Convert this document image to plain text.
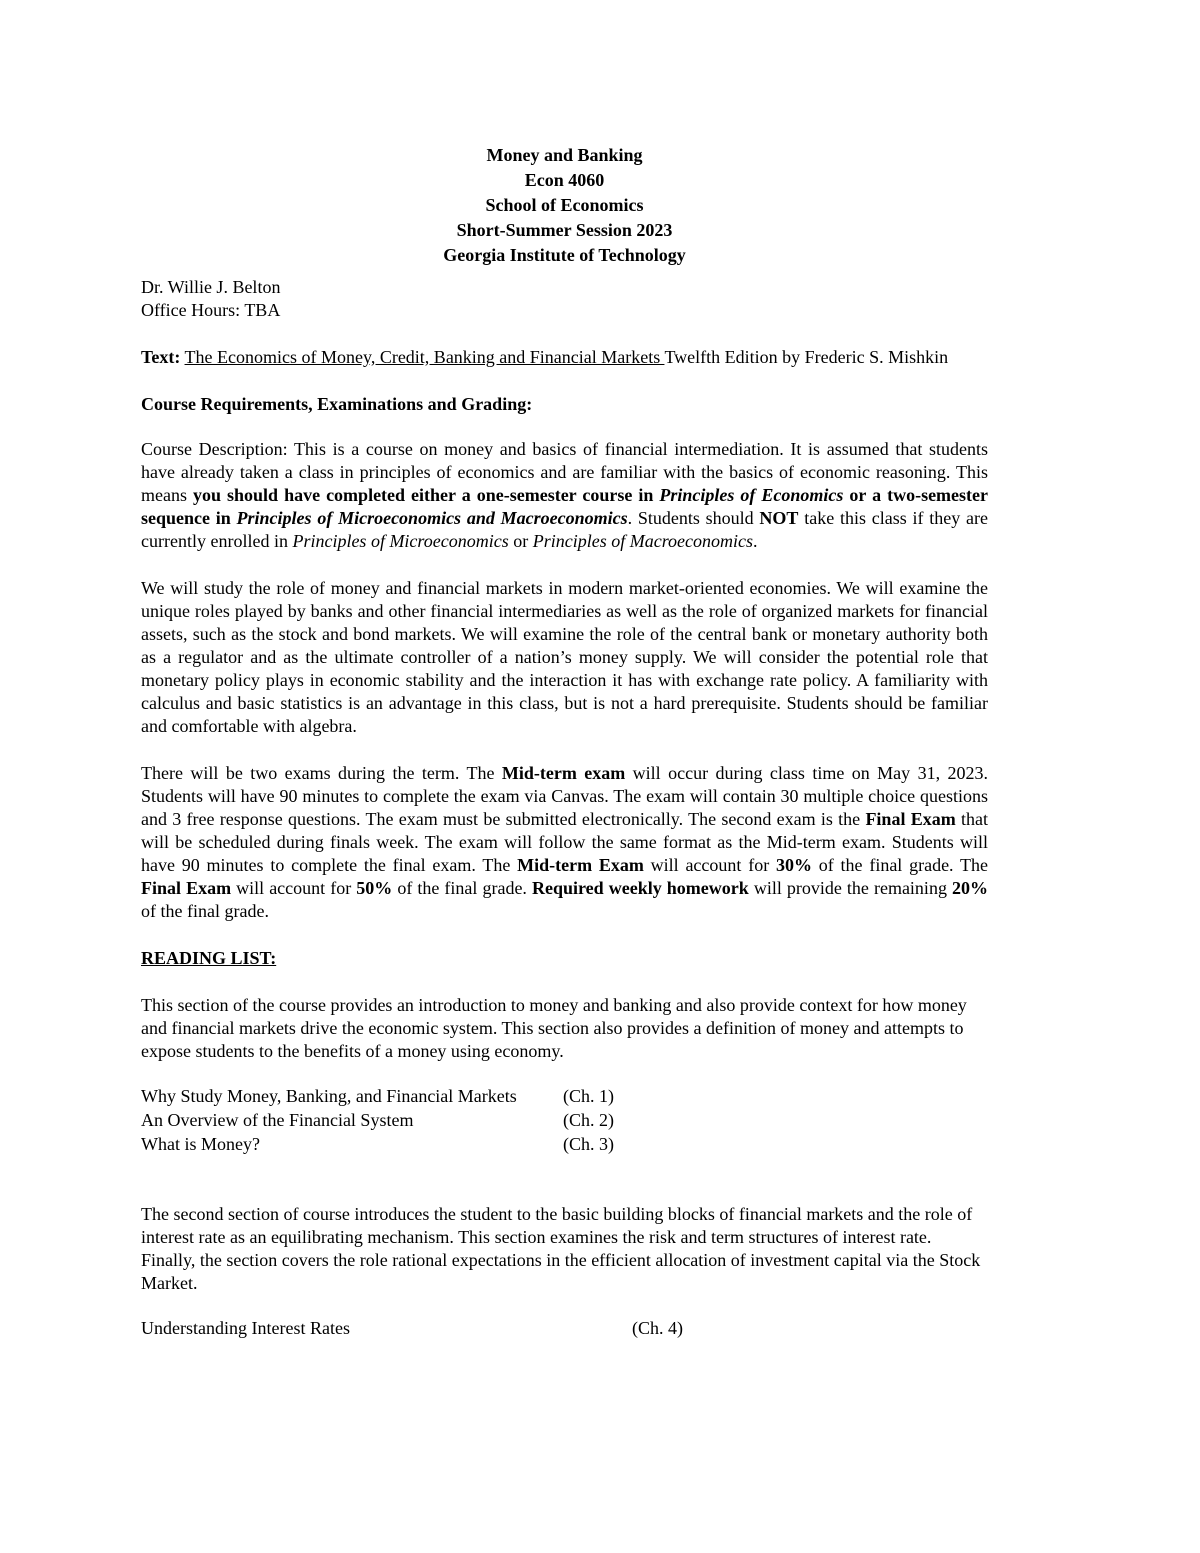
Money and Banking
Econ 4060
School of Economics
Short-Summer Session 2023
Georgia Institute of Technology

Dr. Willie J. Belton

Office Hours: TBA

Text: The Economics of Money, Credit, Banking and Financial Markets Twelfth Edition by Frederic S. Mishkin

Course Requirements, Examinations and Grading:

Course Description: This is a course on money and basics of financial intermediation. It is assumed that students have already taken a class in principles of economics and are familiar with the basics of economic reasoning. This means you should have completed either a one-semester course in Principles of Economics or a two-semester sequence in Principles of Microeconomics and Macroeconomics. Students should NOT take this class if they are currently enrolled in Principles of Microeconomics or Principles of Macroeconomics.

We will study the role of money and financial markets in modern market-oriented economies. We will examine the unique roles played by banks and other financial intermediaries as well as the role of organized markets for financial assets, such as the stock and bond markets. We will examine the role of the central bank or monetary authority both as a regulator and as the ultimate controller of a nation’s money supply. We will consider the potential role that monetary policy plays in economic stability and the interaction it has with exchange rate policy. A familiarity with calculus and basic statistics is an advantage in this class, but is not a hard prerequisite. Students should be familiar and comfortable with algebra.

There will be two exams during the term. The Mid-term exam will occur during class time on May 31, 2023. Students will have 90 minutes to complete the exam via Canvas. The exam will contain 30 multiple choice questions and 3 free response questions. The exam must be submitted electronically. The second exam is the Final Exam that will be scheduled during finals week. The exam will follow the same format as the Mid-term exam. Students will have 90 minutes to complete the final exam. The Mid-term Exam will account for 30% of the final grade. The Final Exam will account for 50% of the final grade. Required weekly homework will provide the remaining 20% of the final grade.

READING LIST:

This section of the course provides an introduction to money and banking and also provide context for how money and financial markets drive the economic system. This section also provides a definition of money and attempts to expose students to the benefits of a money using economy.

Why Study Money, Banking, and Financial Markets	(Ch. 1)
An Overview of the Financial System	(Ch. 2)
What is Money?	(Ch. 3)

The second section of course introduces the student to the basic building blocks of financial markets and the role of interest rate as an equilibrating mechanism. This section examines the risk and term structures of interest rate. Finally, the section covers the role rational expectations in the efficient allocation of investment capital via the Stock Market.

Understanding Interest Rates	(Ch. 4)
